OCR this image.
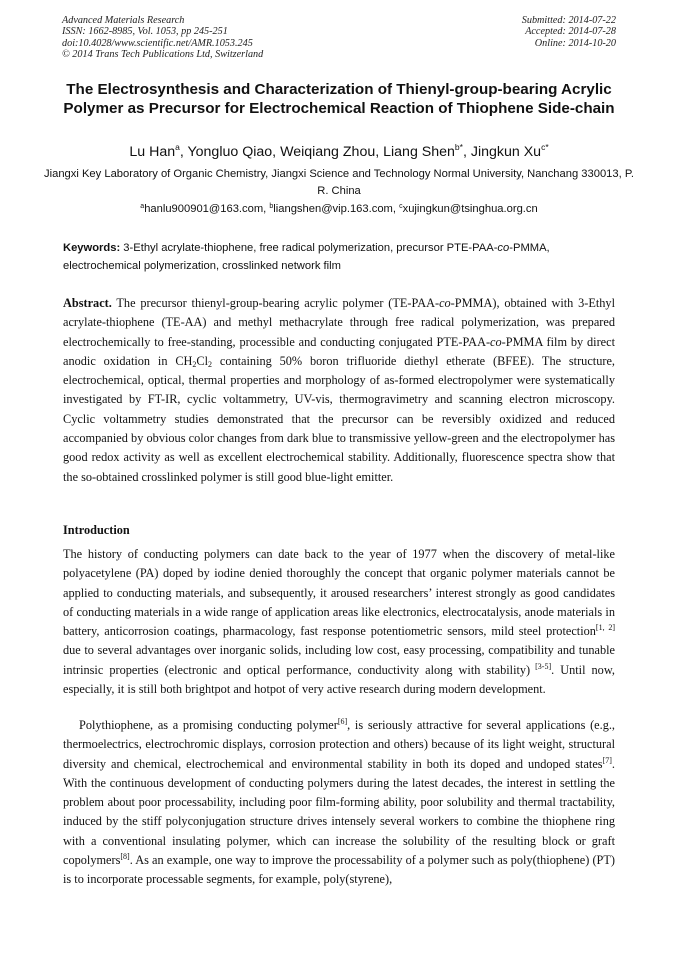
Advanced Materials Research
ISSN: 1662-8985, Vol. 1053, pp 245-251
doi:10.4028/www.scientific.net/AMR.1053.245
© 2014 Trans Tech Publications Ltd, Switzerland
Submitted: 2014-07-22
Accepted: 2014-07-28
Online: 2014-10-20
The Electrosynthesis and Characterization of Thienyl-group-bearing Acrylic Polymer as Precursor for Electrochemical Reaction of Thiophene Side-chain
Lu Han$^a$, Yongluo Qiao, Weiqiang Zhou, Liang Shen$^{b*}$, Jingkun $Xu^{c*}$
Jiangxi Key Laboratory of Organic Chemistry, Jiangxi Science and Technology Normal University, Nanchang 330013, P. R. China
$^a$hanlu900901@163.com, $^b$liangshen@vip.163.com, $^c$xujingkun@tsinghua.org.cn
Keywords: 3-Ethyl acrylate-thiophene, free radical polymerization, precursor PTE-PAA-co-PMMA, electrochemical polymerization, crosslinked network film
Abstract. The precursor thienyl-group-bearing acrylic polymer (TE-PAA-co-PMMA), obtained with 3-Ethyl acrylate-thiophene (TE-AA) and methyl methacrylate through free radical polymerization, was prepared electrochemically to free-standing, processible and conducting conjugated PTE-PAA-co-PMMA film by direct anodic oxidation in $CH_2Cl_2$ containing 50% boron trifluoride diethyl etherate (BFEE). The structure, electrochemical, optical, thermal properties and morphology of as-formed electropolymer were systematically investigated by FT-IR, cyclic voltammetry, UV-vis, thermogravimetry and scanning electron microscopy. Cyclic voltammetry studies demonstrated that the precursor can be reversibly oxidized and reduced accompanied by obvious color changes from dark blue to transmissive yellow-green and the electropolymer has good redox activity as well as excellent electrochemical stability. Additionally, fluorescence spectra show that the so-obtained crosslinked polymer is still good blue-light emitter.
Introduction
The history of conducting polymers can date back to the year of 1977 when the discovery of metal-like polyacetylene (PA) doped by iodine denied thoroughly the concept that organic polymer materials cannot be applied to conducting materials, and subsequently, it aroused researchers’ interest strongly as good candidates of conducting materials in a wide range of application areas like electronics, electrocatalysis, anode materials in battery, anticorrosion coatings, pharmacology, fast response potentiometric sensors, mild steel protection[1, 2] due to several advantages over inorganic solids, including low cost, easy processing, compatibility and tunable intrinsic properties (electronic and optical performance, conductivity along with stability) [3-5]. Until now, especially, it is still both brightpot and hotpot of very active research during modern development.
Polythiophene, as a promising conducting polymer[6], is seriously attractive for several applications (e.g., thermoelectrics, electrochromic displays, corrosion protection and others) because of its light weight, structural diversity and chemical, electrochemical and environmental stability in both its doped and undoped states[7]. With the continuous development of conducting polymers during the latest decades, the interest in settling the problem about poor processability, including poor film-forming ability, poor solubility and thermal tractability, induced by the stiff polyconjugation structure drives intensely several workers to combine the thiophene ring with a conventional insulating polymer, which can increase the solubility of the resulting block or graft copolymers[8]. As an example, one way to improve the processability of a polymer such as poly(thiophene) (PT) is to incorporate processable segments, for example, poly(styrene),
